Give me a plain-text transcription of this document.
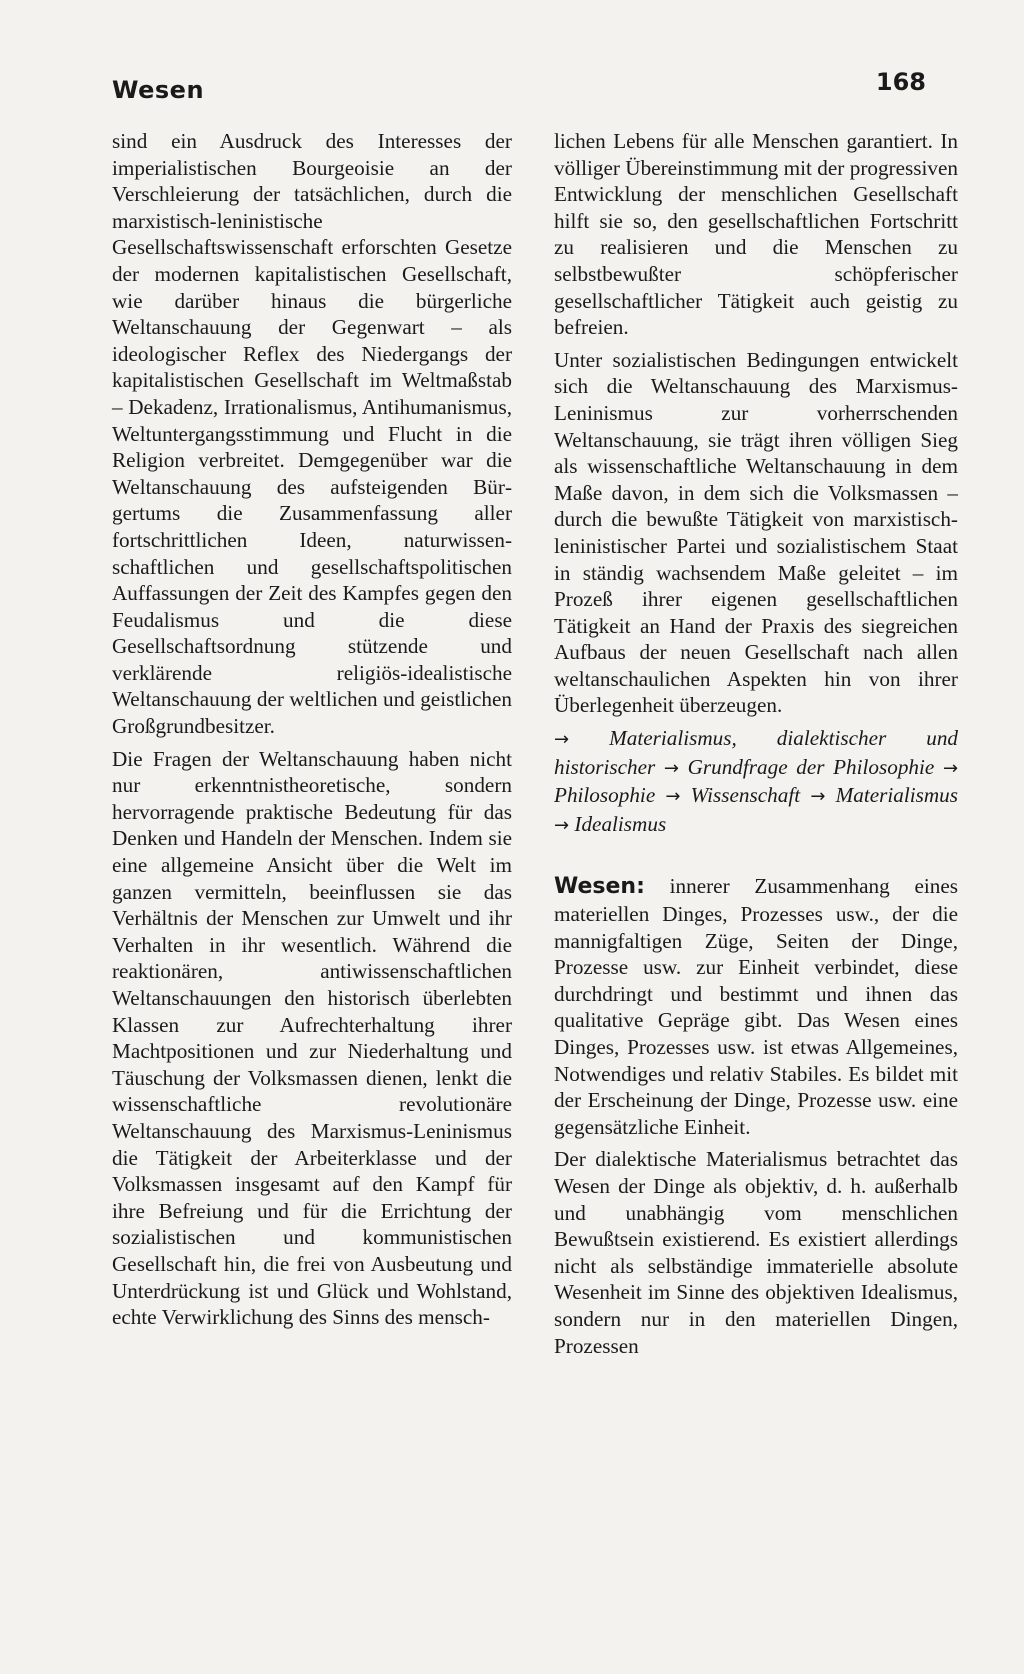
Wesen	168

sind ein Ausdruck des Interesses der imperialistischen Bourgeoisie an der Verschleierung der tatsächlichen, durch die marxistisch-leninistische Gesellschaftswissenschaft erforschten Gesetze der modernen kapitalistischen Gesellschaft, wie darüber hinaus die bürgerliche Weltanschauung der Gegenwart – als ideologischer Reflex des Niedergangs der kapitalistischen Gesellschaft im Weltmaßstab – Dekadenz, Irrationalismus, Antihumanismus, Weltuntergangsstimmung und Flucht in die Religion verbreitet. Demgegenüber war die Weltanschauung des aufsteigenden Bürgertums die Zusammenfassung aller fortschrittlichen Ideen, naturwissenschaftlichen und gesellschaftspolitischen Auffassungen der Zeit des Kampfes gegen den Feudalismus und die diese Gesellschaftsordnung stützende und verklärende religiös-idealistische Weltanschauung der weltlichen und geistlichen Großgrundbesitzer.

Die Fragen der Weltanschauung haben nicht nur erkenntnistheoretische, sondern hervorragende praktische Bedeutung für das Denken und Handeln der Menschen. Indem sie eine allgemeine Ansicht über die Welt im ganzen vermitteln, beeinflussen sie das Verhältnis der Menschen zur Umwelt und ihr Verhalten in ihr wesentlich. Während die reaktionären, antiwissenschaftlichen Weltanschauungen den historisch überlebten Klassen zur Aufrechterhaltung ihrer Machtpositionen und zur Niederhaltung und Täuschung der Volksmassen dienen, lenkt die wissenschaftliche revolutionäre Weltanschauung des Marxismus-Leninismus die Tätigkeit der Arbeiterklasse und der Volksmassen insgesamt auf den Kampf für ihre Befreiung und für die Errichtung der sozialistischen und kommunistischen Gesellschaft hin, die frei von Ausbeutung und Unterdrückung ist und Glück und Wohlstand, echte Verwirklichung des Sinns des mensch-

lichen Lebens für alle Menschen garantiert. In völliger Übereinstimmung mit der progressiven Entwicklung der menschlichen Gesellschaft hilft sie so, den gesellschaftlichen Fortschritt zu realisieren und die Menschen zu selbstbewußter schöpferischer gesellschaftlicher Tätigkeit auch geistig zu befreien.

Unter sozialistischen Bedingungen entwickelt sich die Weltanschauung des Marxismus-Leninismus zur vorherrschenden Weltanschauung, sie trägt ihren völligen Sieg als wissenschaftliche Weltanschauung in dem Maße davon, in dem sich die Volksmassen – durch die bewußte Tätigkeit von marxistisch-leninistischer Partei und sozialistischem Staat in ständig wachsendem Maße geleitet – im Prozeß ihrer eigenen gesellschaftlichen Tätigkeit an Hand der Praxis des siegreichen Aufbaus der neuen Gesellschaft nach allen weltanschaulichen Aspekten hin von ihrer Überlegenheit überzeugen.

→ Materialismus, dialektischer und historischer → Grundfrage der Philosophie → Philosophie → Wissenschaft → Materialismus → Idealismus

Wesen: innerer Zusammenhang eines materiellen Dinges, Prozesses usw., der die mannigfaltigen Züge, Seiten der Dinge, Prozesse usw. zur Einheit verbindet, diese durchdringt und bestimmt und ihnen das qualitative Gepräge gibt. Das Wesen eines Dinges, Prozesses usw. ist etwas Allgemeines, Notwendiges und relativ Stabiles. Es bildet mit der Erscheinung der Dinge, Prozesse usw. eine gegensätzliche Einheit.

Der dialektische Materialismus betrachtet das Wesen der Dinge als objektiv, d. h. außerhalb und unabhängig vom menschlichen Bewußtsein existierend. Es existiert allerdings nicht als selbständige immaterielle absolute Wesenheit im Sinne des objektiven Idealismus, sondern nur in den materiellen Dingen, Prozessen
